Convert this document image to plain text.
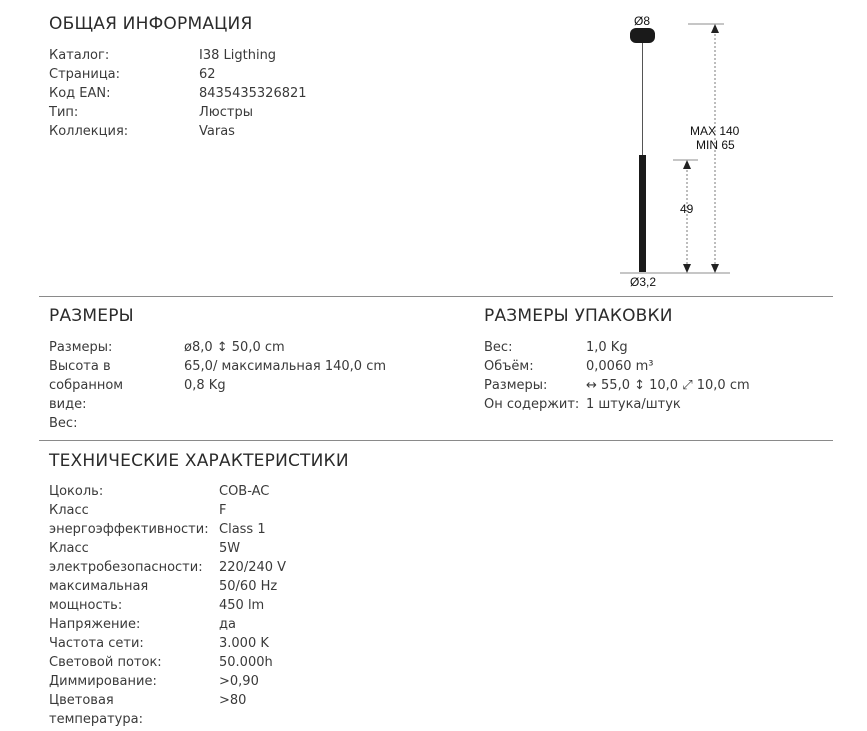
ОБЩАЯ ИНФОРМАЦИЯ
Каталог:
Страница:
Код EAN:
Тип:
Коллекция:
I38 Ligthing
62
8435435326821
Люстры
Varas
Ø8
Ø3,2
MAX 140
MIN 65
49
РАЗМЕРЫ
Размеры:
Высота в
собранном
виде:
Вес:
ø8,0 ↕ 50,0 cm
65,0/ максимальная 140,0 cm
0,8 Kg
РАЗМЕРЫ УПАКОВКИ
Вес:
Объём:
Размеры:
Он содержит:
1,0 Kg
0,0060 m³
↔ 55,0 ↕ 10,0 ⤢ 10,0 cm
1 штука/штук
ТЕХНИЧЕСКИЕ ХАРАКТЕРИСТИКИ
Цоколь:
Класс
энергоэффективности:
Класс
электробезопасности:
максимальная
мощность:
Напряжение:
Частота сети:
Световой поток:
Диммирование:
Цветовая
температура:
COB-AC
F
Class 1
5W
220/240 V
50/60 Hz
450 lm
да
3.000 K
50.000h
>0,90
>80
